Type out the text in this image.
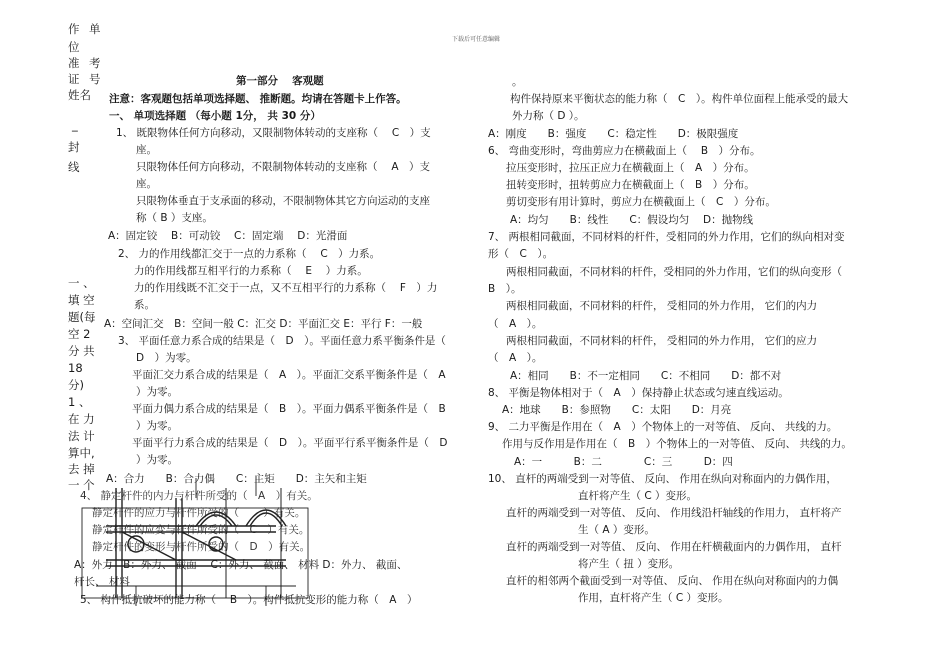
下载后可任意编辑
作 单
位
准 考
证 号
姓名
_
封
线
一 、
填 空
题(每
空 2
分 共
18
分)
1 、
在 力
法 计
算中,
去 掉
一 个
第一部分　 客观题
注意：客观题包括单项选择题、 推断题。均请在答题卡上作答。
一、 单项选择题 （每小题 1分， 共 30 分）
1、 既限物体任何方向移动，又限制物体转动的支座称（　 C　）支
座。
只限物体任何方向移动，不限制物体转动的支座称（　 A　）支
座。
只限物体垂直于支承面的移动，不限制物体其它方向运动的支座
称（ B ）支座。
A：固定铰　 B：可动铰　 C：固定端　 D：光滑面
2、 力的作用线都汇交于一点的力系称（　 C　）力系。
力的作用线都互相平行的力系称（　 E　 ）力系。
力的作用线既不汇交于一点，又不互相平行的力系称（　 F　）力
系。
A：空间汇交　B：空间一般 C：汇交 D：平面汇交 E：平行 F：一般
3、 平面任意力系合成的结果是（　D　）。平面任意力系平衡条件是（
D　）为零。
平面汇交力系合成的结果是（　A　）。平面汇交系平衡条件是（　A
）为零。
平面力偶力系合成的结果是（　B　）。平面力偶系平衡条件是（　B
）为零。
平面平行力系合成的结果是（　D　）。平面平行系平衡条件是（　D
）为零。
A：合力　　B：合力偶　　C：主矩　　D：主矢和主矩
4、 静定杆件的内力与杆件所受的（　A　）有关。
静定杆件的应力与杆件所受的（　　 ）有关。
静定杆件的应变与杆件所受的（　C　）有关。
静定杆件的变形与杆件所受的（　D　）有关。
A：外力　B：外力、 截面　 C：外力、 截面、 材料 D：外力、 截面、
杆长、 材料
5、 构件抵抗破坏的能力称（　 B　）。构件抵抗变形的能力称（　A　）
。
构件保持原来平衡状态的能力称（　C　）。构件单位面程上能承受的最大
外力称（ D ）。
A：刚度　　B：强度　　C：稳定性　　D：极限强度
6、 弯曲变形时，弯曲剪应力在横截面上（　 B　）分布。
拉压变形时，拉压正应力在横截面上（　A　）分布。
扭转变形时，扭转剪应力在横截面上（　B　）分布。
剪切变形有用计算时，剪应力在横截面上（　C　）分布。
A：均匀　　B：线性　　C：假设均匀　 D：抛物线
7、 两根相同截面，不同材料的杆件，受相同的外力作用，它们的纵向相对变
形（　C　）。
两根相同截面，不同材料的杆件，受相同的外力作用，它们的纵向变形（
B　）。
两根相同截面，不同材料的杆件， 受相同的外力作用， 它们的内力
（　A　）。
两根相同截面，不同材料的杆件， 受相同的外力作用， 它们的应力
（　A　）。
A：相同　　B：不一定相同　　C：不相同　　D：都不对
8、 平衡是物体相对于（　A　）保持静止状态或匀速直线运动。
A：地球　　B：参照物　　C：太阳　　D：月亮
9、 二力平衡是作用在（　A　）个物体上的一对等值、 反向、 共线的力。
作用与反作用是作用在（　B　）个物体上的一对等值、 反向、 共线的力。
A：一　　　B：二　　　　C：三　　　D：四
10、 直杆的两端受到一对等值、 反向、 作用在纵向对称面内的力偶作用，
直杆将产生（ C ）变形。
直杆的两端受到一对等值、 反向、 作用线沿杆轴线的作用力， 直杆将产
生（ A ）变形。
直杆的两端受到一对等值、 反向、 作用在杆横截面内的力偶作用， 直杆
将产生（ 扭 ）变形。
直杆的相邻两个截面受到一对等值、 反向、 作用在纵向对称面内的力偶
作用，直杆将产生（ C ）变形。
